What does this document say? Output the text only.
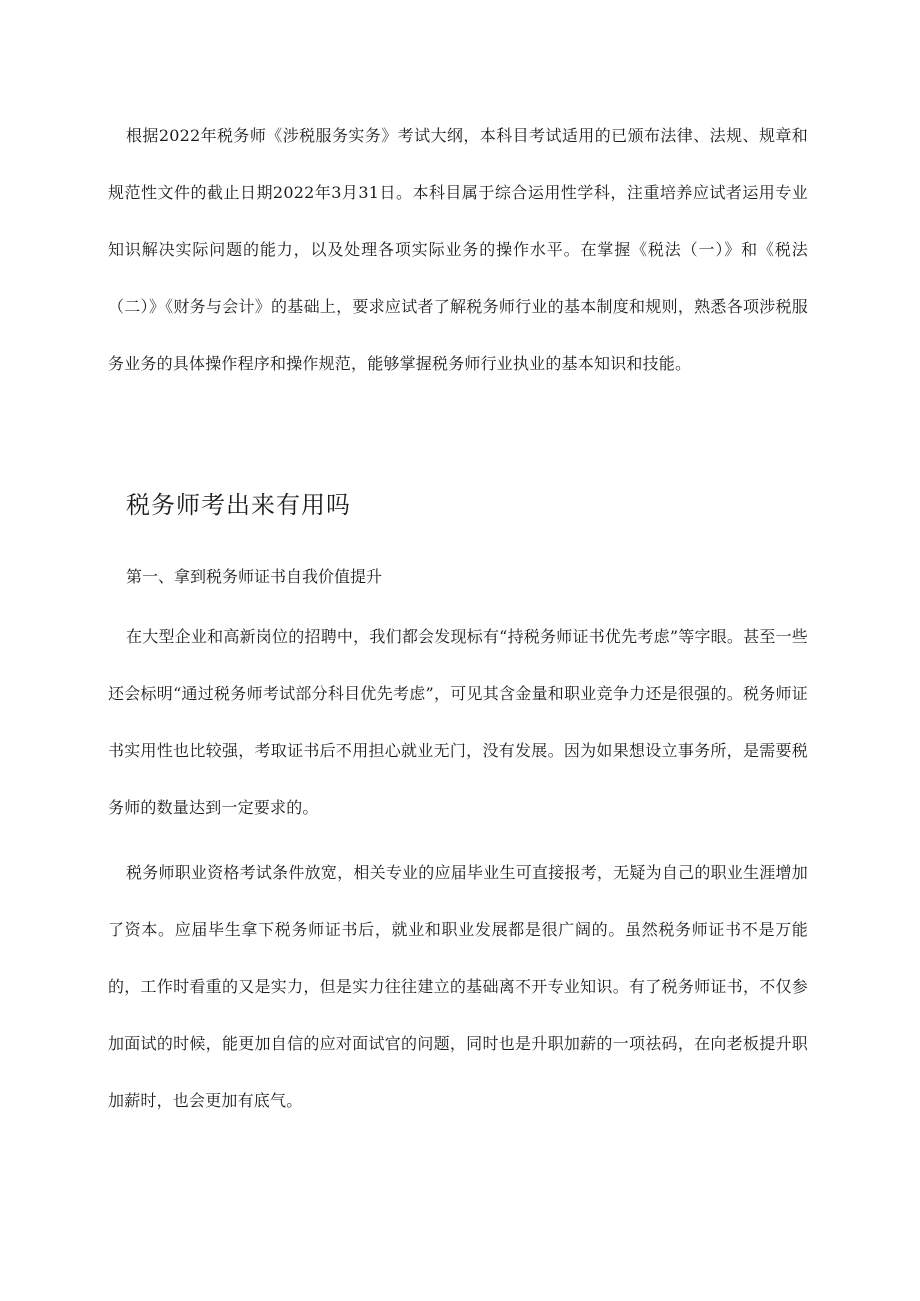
根据2022年税务师《涉税服务实务》考试大纲，本科目考试适用的已颁布法律、法规、规章和规范性文件的截止日期2022年3月31日。本科目属于综合运用性学科，注重培养应试者运用专业知识解决实际问题的能力，以及处理各项实际业务的操作水平。在掌握《税法（一）》和《税法（二）》《财务与会计》的基础上，要求应试者了解税务师行业的基本制度和规则，熟悉各项涉税服务业务的具体操作程序和操作规范，能够掌握税务师行业执业的基本知识和技能。

税务师考出来有用吗

第一、拿到税务师证书自我价值提升

在大型企业和高新岗位的招聘中，我们都会发现标有“持税务师证书优先考虑”等字眼。甚至一些还会标明“通过税务师考试部分科目优先考虑”，可见其含金量和职业竞争力还是很强的。税务师证书实用性也比较强，考取证书后不用担心就业无门，没有发展。因为如果想设立事务所，是需要税务师的数量达到一定要求的。

税务师职业资格考试条件放宽，相关专业的应届毕业生可直接报考，无疑为自己的职业生涯增加了资本。应届毕生拿下税务师证书后，就业和职业发展都是很广阔的。虽然税务师证书不是万能的，工作时看重的又是实力，但是实力往往建立的基础离不开专业知识。有了税务师证书，不仅参加面试的时候，能更加自信的应对面试官的问题，同时也是升职加薪的一项祛码，在向老板提升职加薪时，也会更加有底气。
